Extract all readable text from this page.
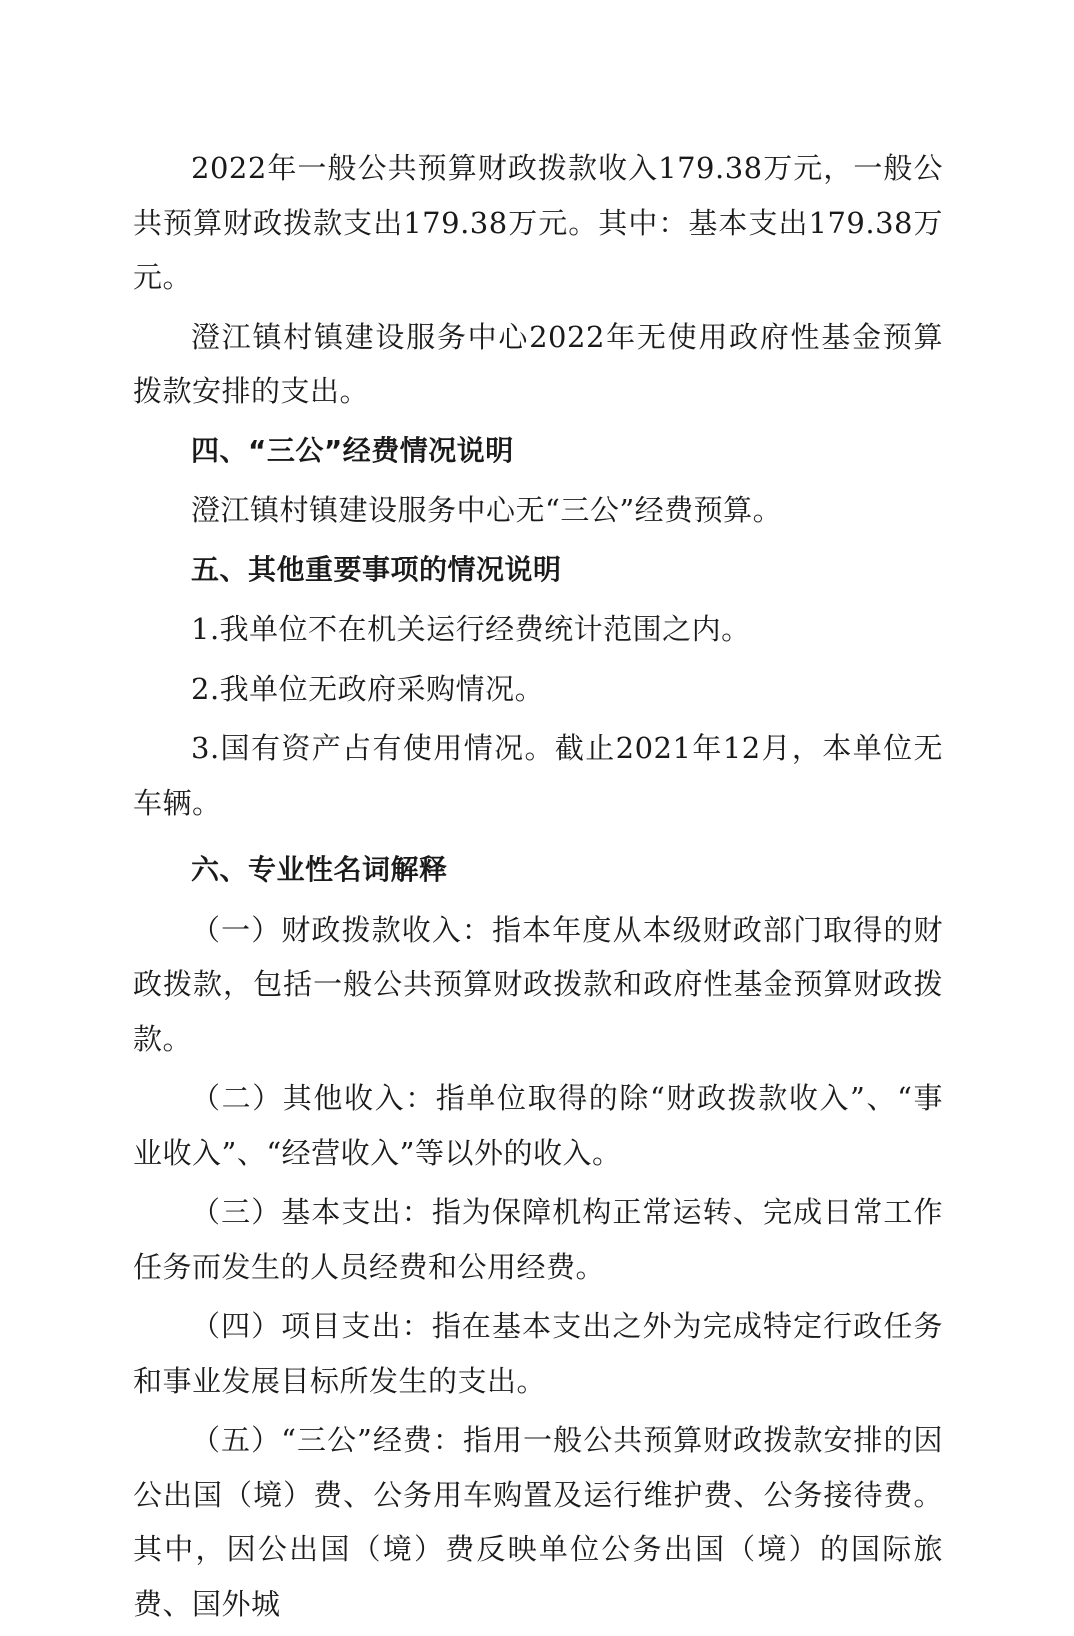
2022年一般公共预算财政拨款收入179.38万元，一般公共预算财政拨款支出179.38万元。其中：基本支出179.38万元。

澄江镇村镇建设服务中心2022年无使用政府性基金预算拨款安排的支出。

四、“三公”经费情况说明

澄江镇村镇建设服务中心无“三公”经费预算。

五、其他重要事项的情况说明

1.我单位不在机关运行经费统计范围之内。

2.我单位无政府采购情况。

3.国有资产占有使用情况。截止2021年12月，本单位无车辆。

六、专业性名词解释

（一）财政拨款收入：指本年度从本级财政部门取得的财政拨款，包括一般公共预算财政拨款和政府性基金预算财政拨款。

（二）其他收入：指单位取得的除“财政拨款收入”、“事业收入”、“经营收入”等以外的收入。

（三）基本支出：指为保障机构正常运转、完成日常工作任务而发生的人员经费和公用经费。

（四）项目支出：指在基本支出之外为完成特定行政任务和事业发展目标所发生的支出。

（五）“三公”经费：指用一般公共预算财政拨款安排的因公出国（境）费、公务用车购置及运行维护费、公务接待费。其中，因公出国（境）费反映单位公务出国（境）的国际旅费、国外城
